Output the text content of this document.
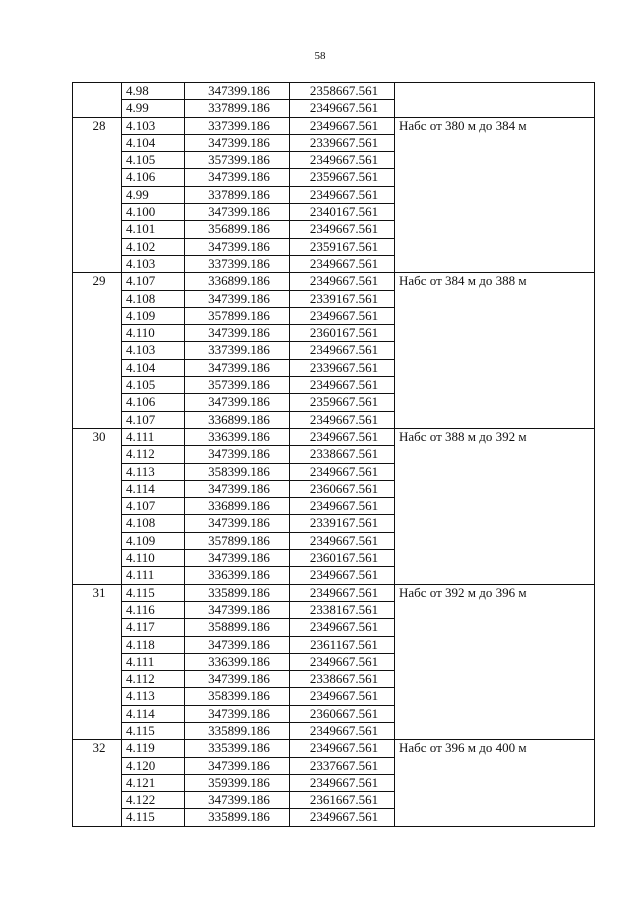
58
	4.98	347399.186	2358667.561	
	4.99	337899.186	2349667.561	
28	4.103	337399.186	2349667.561	Набс от 380 м до 384 м
	4.104	347399.186	2339667.561	
	4.105	357399.186	2349667.561	
	4.106	347399.186	2359667.561	
	4.99	337899.186	2349667.561	
	4.100	347399.186	2340167.561	
	4.101	356899.186	2349667.561	
	4.102	347399.186	2359167.561	
	4.103	337399.186	2349667.561	
29	4.107	336899.186	2349667.561	Набс от 384 м до 388 м
	4.108	347399.186	2339167.561	
	4.109	357899.186	2349667.561	
	4.110	347399.186	2360167.561	
	4.103	337399.186	2349667.561	
	4.104	347399.186	2339667.561	
	4.105	357399.186	2349667.561	
	4.106	347399.186	2359667.561	
	4.107	336899.186	2349667.561	
30	4.111	336399.186	2349667.561	Набс от 388 м до 392 м
	4.112	347399.186	2338667.561	
	4.113	358399.186	2349667.561	
	4.114	347399.186	2360667.561	
	4.107	336899.186	2349667.561	
	4.108	347399.186	2339167.561	
	4.109	357899.186	2349667.561	
	4.110	347399.186	2360167.561	
	4.111	336399.186	2349667.561	
31	4.115	335899.186	2349667.561	Набс от 392 м до 396 м
	4.116	347399.186	2338167.561	
	4.117	358899.186	2349667.561	
	4.118	347399.186	2361167.561	
	4.111	336399.186	2349667.561	
	4.112	347399.186	2338667.561	
	4.113	358399.186	2349667.561	
	4.114	347399.186	2360667.561	
	4.115	335899.186	2349667.561	
32	4.119	335399.186	2349667.561	Набс от 396 м до 400 м
	4.120	347399.186	2337667.561	
	4.121	359399.186	2349667.561	
	4.122	347399.186	2361667.561	
	4.115	335899.186	2349667.561	
